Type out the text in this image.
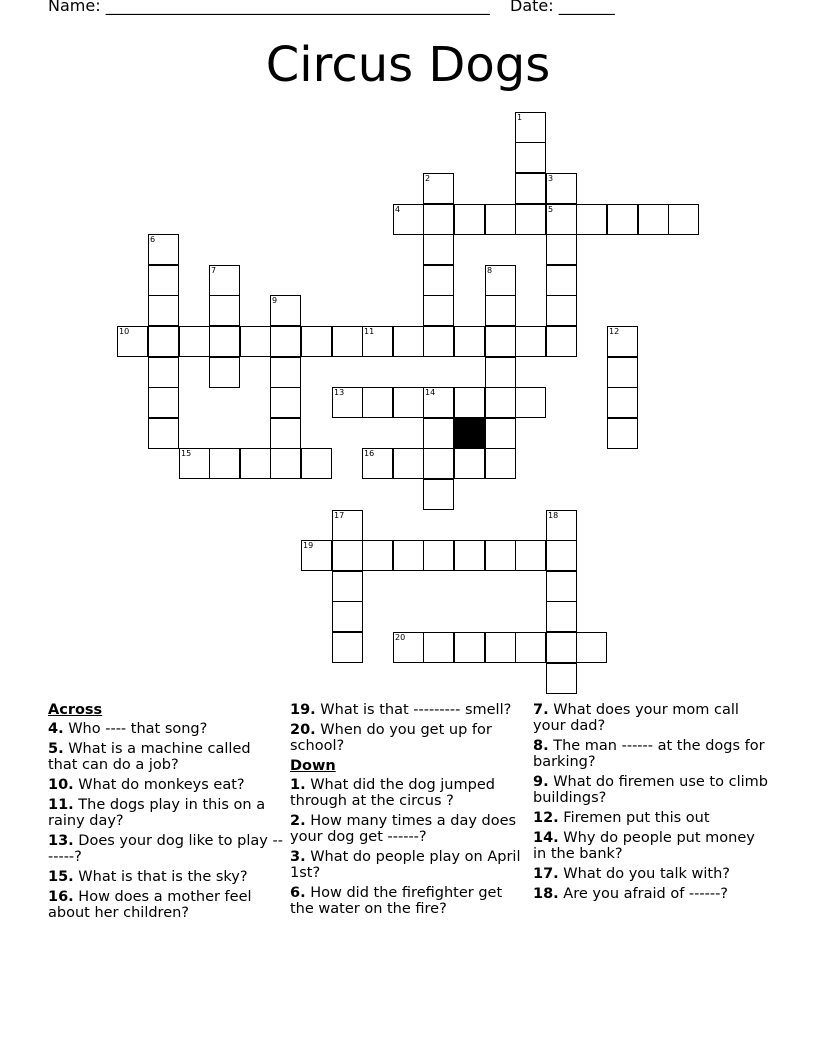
Name: ________________________________________________ Date: _______
Circus Dogs
1
2	3
4	5
6
7	8
9
10	11	12
13	14
15	16
17	18
19
20
Across
4. Who ---- that song?
5. What is a machine called that can do a job?
10. What do monkeys eat?
11. The dogs play in this on a rainy day?
13. Does your dog like to play -------?
15. What is that is the sky?
16. How does a mother feel about her children?
19. What is that --------- smell?
20. When do you get up for school?
Down
1. What did the dog jumped through at the circus ?
2. How many times a day does your dog get ------?
3. What do people play on April 1st?
6. How did the firefighter get the water on the fire?
7. What does your mom call your dad?
8. The man ------ at the dogs for barking?
9. What do firemen use to climb buildings?
12. Firemen put this out
14. Why do people put money in the bank?
17. What do you talk with?
18. Are you afraid of ------?
